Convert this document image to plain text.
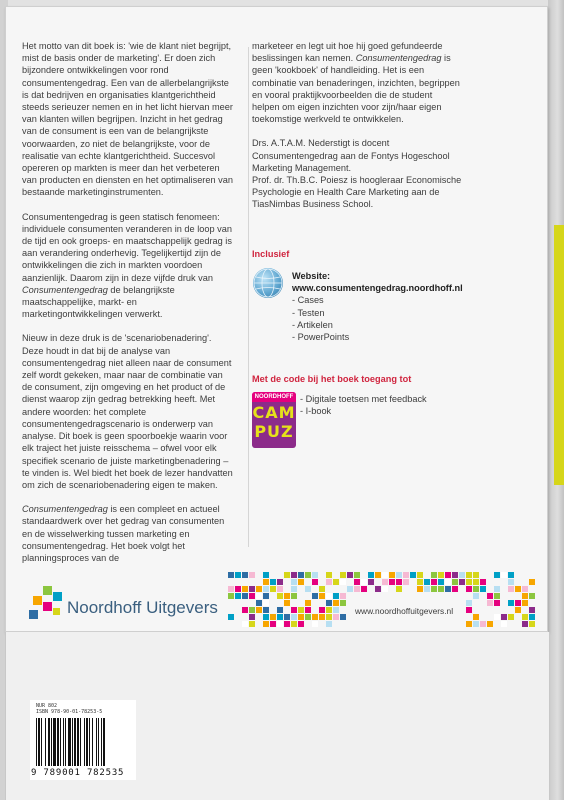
Het motto van dit boek is: 'wie de klant niet begrijpt, mist de basis onder de marketing'. Er doen zich bijzondere ontwikkelingen voor rond consumentengedrag. Een van de allerbelangrijkste is dat bedrijven en organisaties klantgerichtheid steeds serieuzer nemen en in het licht hiervan meer van klanten willen begrijpen. Inzicht in het gedrag van de consument is een van de belangrijkste voorwaarden, zo niet de belangrijkste, voor de realisatie van echte klantgerichtheid. Succesvol opereren op markten is meer dan het verbeteren van producten en diensten en het optimaliseren van bestaande marketinginstrumenten.

Consumentengedrag is geen statisch fenomeen: individuele consumenten veranderen in de loop van de tijd en ook groeps- en maatschappelijk gedrag is aan verandering onderhevig. Tegelijkertijd zijn de ontwikkelingen die zich in markten voordoen aanzienlijk. Daarom zijn in deze vijfde druk van Consumentengedrag de belangrijkste maatschappelijke, markt- en marketingontwikkelingen verwerkt.

Nieuw in deze druk is de 'scenariobenadering'. Deze houdt in dat bij de analyse van consumentengedrag niet alleen naar de consument zelf wordt gekeken, maar naar de combinatie van de consument, zijn omgeving en het product of de dienst waarop zijn gedrag betrekking heeft. Met andere woorden: het complete consumentengedragscenario is onderwerp van analyse. Dit boek is geen spoorboekje waarin voor elk traject het juiste reisschema – ofwel voor elk specifiek scenario de juiste marketingbenadering – te vinden is. Wel biedt het boek de lezer handvatten om zich de scenariobenadering eigen te maken.

Consumentengedrag is een compleet en actueel standaardwerk over het gedrag van consumenten en de wisselwerking tussen marketing en consumentengedrag. Het boek volgt het planningsproces van de

marketeer en legt uit hoe hij goed gefundeerde beslissingen kan nemen. Consumentengedrag is geen 'kookboek' of handleiding. Het is een combinatie van benaderingen, inzichten, begrippen en vooral praktijkvoorbeelden die de student helpen om eigen inzichten voor zijn/haar eigen toekomstige werkveld te ontwikkelen.

Drs. A.T.A.M. Nederstigt is docent Consumentengedrag aan de Fontys Hogeschool Marketing Management.
Prof. dr. Th.B.C. Poiesz is hoogleraar Economische Psychologie en Health Care Marketing aan de TiasNimbas Business School.

Inclusief
Website:
www.consumentengedrag.noordhoff.nl
- Cases
- Testen
- Artikelen
- PowerPoints
Met de code bij het boek toegang tot
NOORDHOFF
CAM
PUZ
- Digitale toetsen met feedback
- I-book
Noordhoff Uitgevers	www.noordhoffuitgevers.nl
NUR 802
ISBN 978-90-01-78253-5
9 789001 782535
